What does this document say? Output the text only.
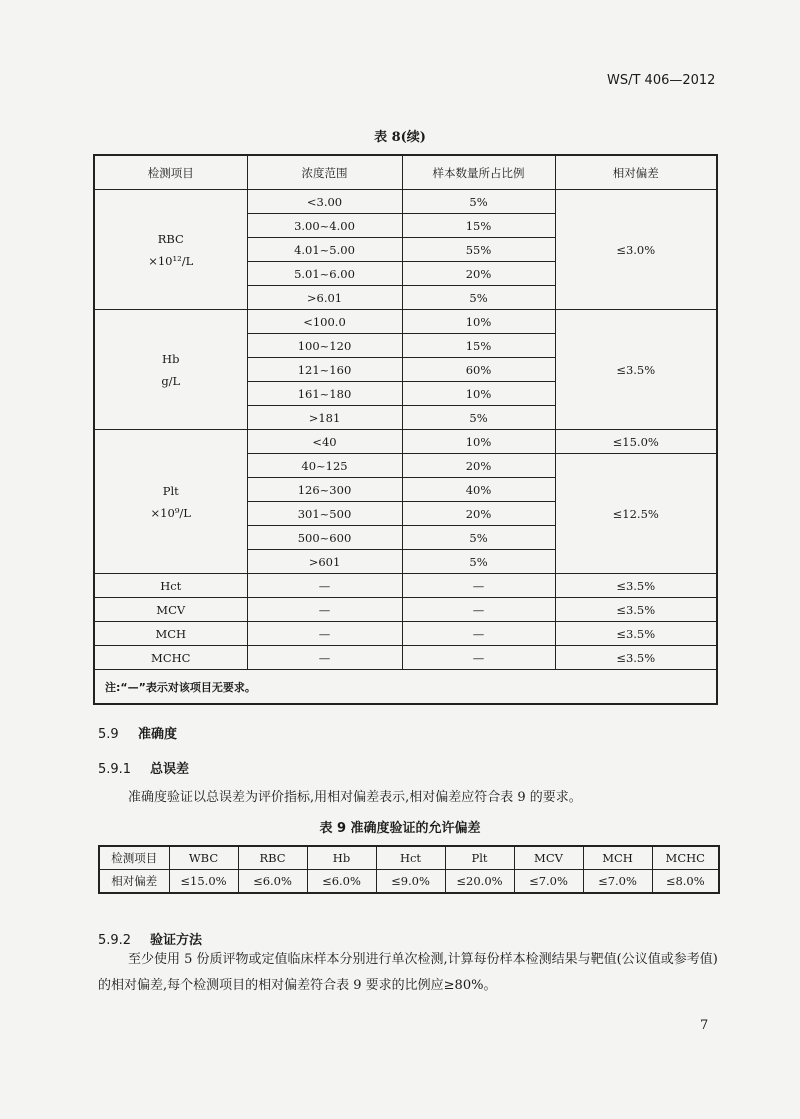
WS/T 406—2012
表 8(续)
检测项目	浓度范围	样本数量所占比例	相对偏差

RBC
×10¹²/L	<3.00	5%	≤3.0%
	3.00~4.00	15%	
	4.01~5.00	55%	
	5.01~6.00	20%	
	>6.01	5%	

Hb
g/L	<100.0	10%	≤3.5%
	100~120	15%	
	121~160	60%	
	161~180	10%	
	>181	5%	

Plt
×10⁹/L	<40	10%	≤15.0%
	40~125	20%	≤12.5%
	126~300	40%	
	301~500	20%	
	500~600	5%	
	>601	5%	
Hct	—	—	≤3.5%
MCV	—	—	≤3.5%
MCH	—	—	≤3.5%
MCHC	—	—	≤3.5%
注:“—”表示对该项目无要求。			
5.9 准确度
5.9.1 总误差
准确度验证以总误差为评价指标,用相对偏差表示,相对偏差应符合表 9 的要求。
表 9 准确度验证的允许偏差
检测项目	WBC	RBC	Hb	Hct	Plt	MCV	MCH	MCHC
相对偏差	≤15.0%	≤6.0%	≤6.0%	≤9.0%	≤20.0%	≤7.0%	≤7.0%	≤8.0%
5.9.2 验证方法
至少使用 5 份质评物或定值临床样本分别进行单次检测,计算每份样本检测结果与靶值(公议值或参考值)的相对偏差,每个检测项目的相对偏差符合表 9 要求的比例应≥80%。
7
